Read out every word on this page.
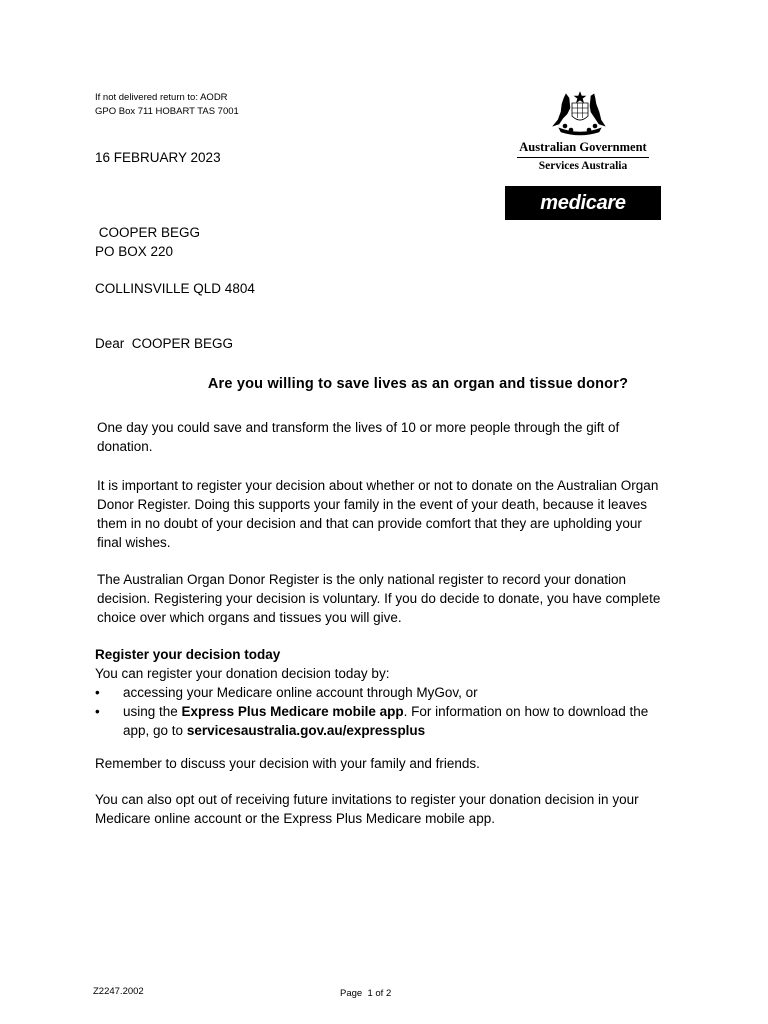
If not delivered return to: AODR
GPO Box 711 HOBART TAS 7001
16 FEBRUARY 2023
Australian Government
Services Australia
medicare
COOPER BEGG
PO BOX 220
COLLINSVILLE QLD 4804
Dear  COOPER BEGG
Are you willing to save lives as an organ and tissue donor?
One day you could save and transform the lives of 10 or more people through the gift of
donation.
It is important to register your decision about whether or not to donate on the Australian Organ
Donor Register. Doing this supports your family in the event of your death, because it leaves
them in no doubt of your decision and that can provide comfort that they are upholding your
final wishes.
The Australian Organ Donor Register is the only national register to record your donation
decision. Registering your decision is voluntary. If you do decide to donate, you have complete
choice over which organs and tissues you will give.
Register your decision today
You can register your donation decision today by:
•	accessing your Medicare online account through MyGov, or
•	using the Express Plus Medicare mobile app. For information on how to download the
app, go to servicesaustralia.gov.au/expressplus
Remember to discuss your decision with your family and friends.
You can also opt out of receiving future invitations to register your donation decision in your
Medicare online account or the Express Plus Medicare mobile app.
Z2247.2002	Page  1 of 2
